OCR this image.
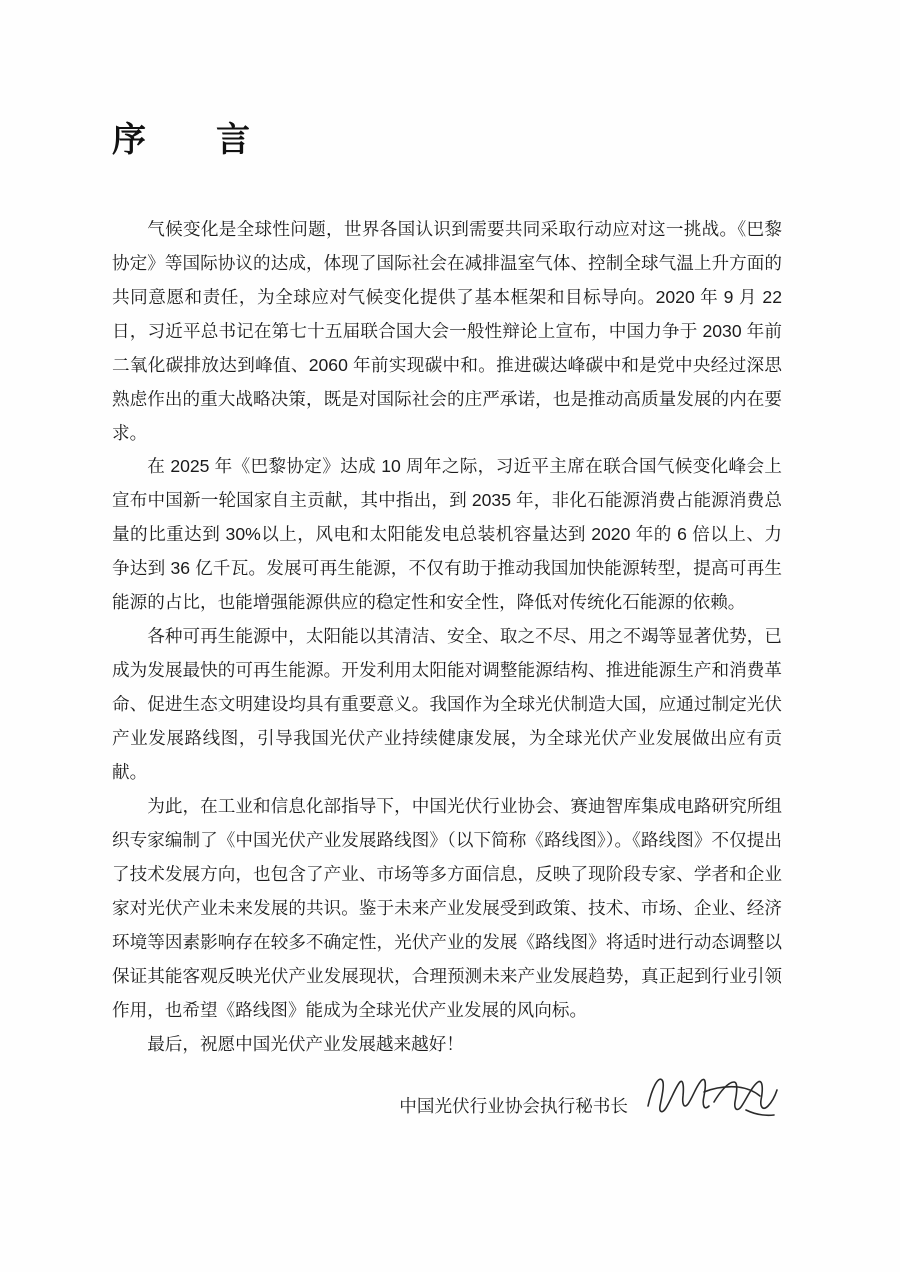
序　言

气候变化是全球性问题，世界各国认识到需要共同采取行动应对这一挑战。《巴黎协定》等国际协议的达成，体现了国际社会在减排温室气体、控制全球气温上升方面的共同意愿和责任，为全球应对气候变化提供了基本框架和目标导向。2020 年 9 月 22 日，习近平总书记在第七十五届联合国大会一般性辩论上宣布，中国力争于 2030 年前二氧化碳排放达到峰值、2060 年前实现碳中和。推进碳达峰碳中和是党中央经过深思熟虑作出的重大战略决策，既是对国际社会的庄严承诺，也是推动高质量发展的内在要求。

在 2025 年《巴黎协定》达成 10 周年之际，习近平主席在联合国气候变化峰会上宣布中国新一轮国家自主贡献，其中指出，到 2035 年，非化石能源消费占能源消费总量的比重达到 30%以上，风电和太阳能发电总装机容量达到 2020 年的 6 倍以上、力争达到 36 亿千瓦。发展可再生能源，不仅有助于推动我国加快能源转型，提高可再生能源的占比，也能增强能源供应的稳定性和安全性，降低对传统化石能源的依赖。

各种可再生能源中，太阳能以其清洁、安全、取之不尽、用之不竭等显著优势，已成为发展最快的可再生能源。开发利用太阳能对调整能源结构、推进能源生产和消费革命、促进生态文明建设均具有重要意义。我国作为全球光伏制造大国，应通过制定光伏产业发展路线图，引导我国光伏产业持续健康发展，为全球光伏产业发展做出应有贡献。

为此，在工业和信息化部指导下，中国光伏行业协会、赛迪智库集成电路研究所组织专家编制了《中国光伏产业发展路线图》（以下简称《路线图》）。《路线图》不仅提出了技术发展方向，也包含了产业、市场等多方面信息，反映了现阶段专家、学者和企业家对光伏产业未来发展的共识。鉴于未来产业发展受到政策、技术、市场、企业、经济环境等因素影响存在较多不确定性，光伏产业的发展《路线图》将适时进行动态调整以保证其能客观反映光伏产业发展现状，合理预测未来产业发展趋势，真正起到行业引领作用，也希望《路线图》能成为全球光伏产业发展的风向标。

最后，祝愿中国光伏产业发展越来越好！

中国光伏行业协会执行秘书长
